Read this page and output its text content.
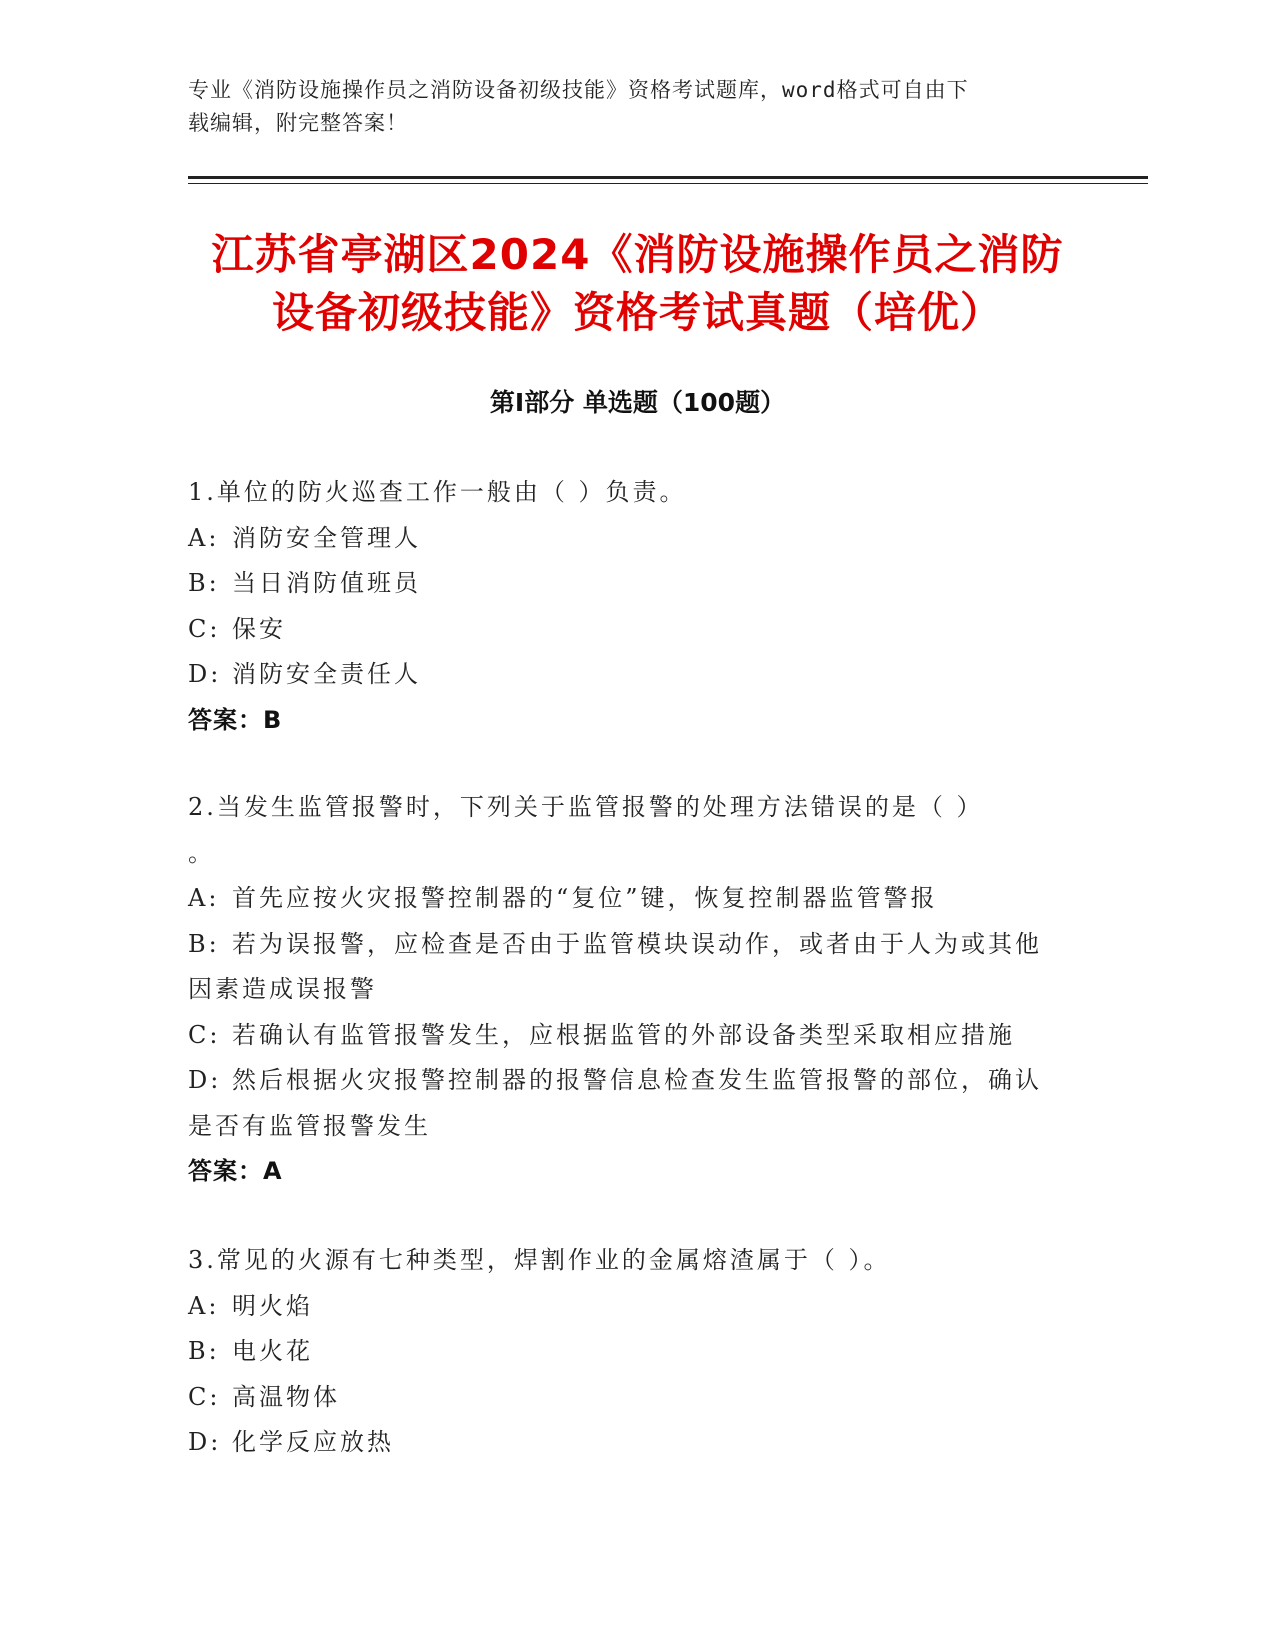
专业《消防设施操作员之消防设备初级技能》资格考试题库，word格式可自由下
载编辑，附完整答案！
江苏省亭湖区2024《消防设施操作员之消防
设备初级技能》资格考试真题（培优）
第Ⅰ部分 单选题（100题）

1.单位的防火巡查工作一般由（ ）负责。

A: 消防安全管理人

B: 当日消防值班员

C: 保安

D: 消防安全责任人

答案：B

2.当发生监管报警时，下列关于监管报警的处理方法错误的是（ ）

。

A: 首先应按火灾报警控制器的“复位”键，恢复控制器监管警报

B: 若为误报警，应检查是否由于监管模块误动作，或者由于人为或其他因素造成误报警

C: 若确认有监管报警发生，应根据监管的外部设备类型采取相应措施

D: 然后根据火灾报警控制器的报警信息检查发生监管报警的部位，确认是否有监管报警发生

答案：A

3.常见的火源有七种类型，焊割作业的金属熔渣属于（ ）。

A: 明火焰

B: 电火花

C: 高温物体

D: 化学反应放热
